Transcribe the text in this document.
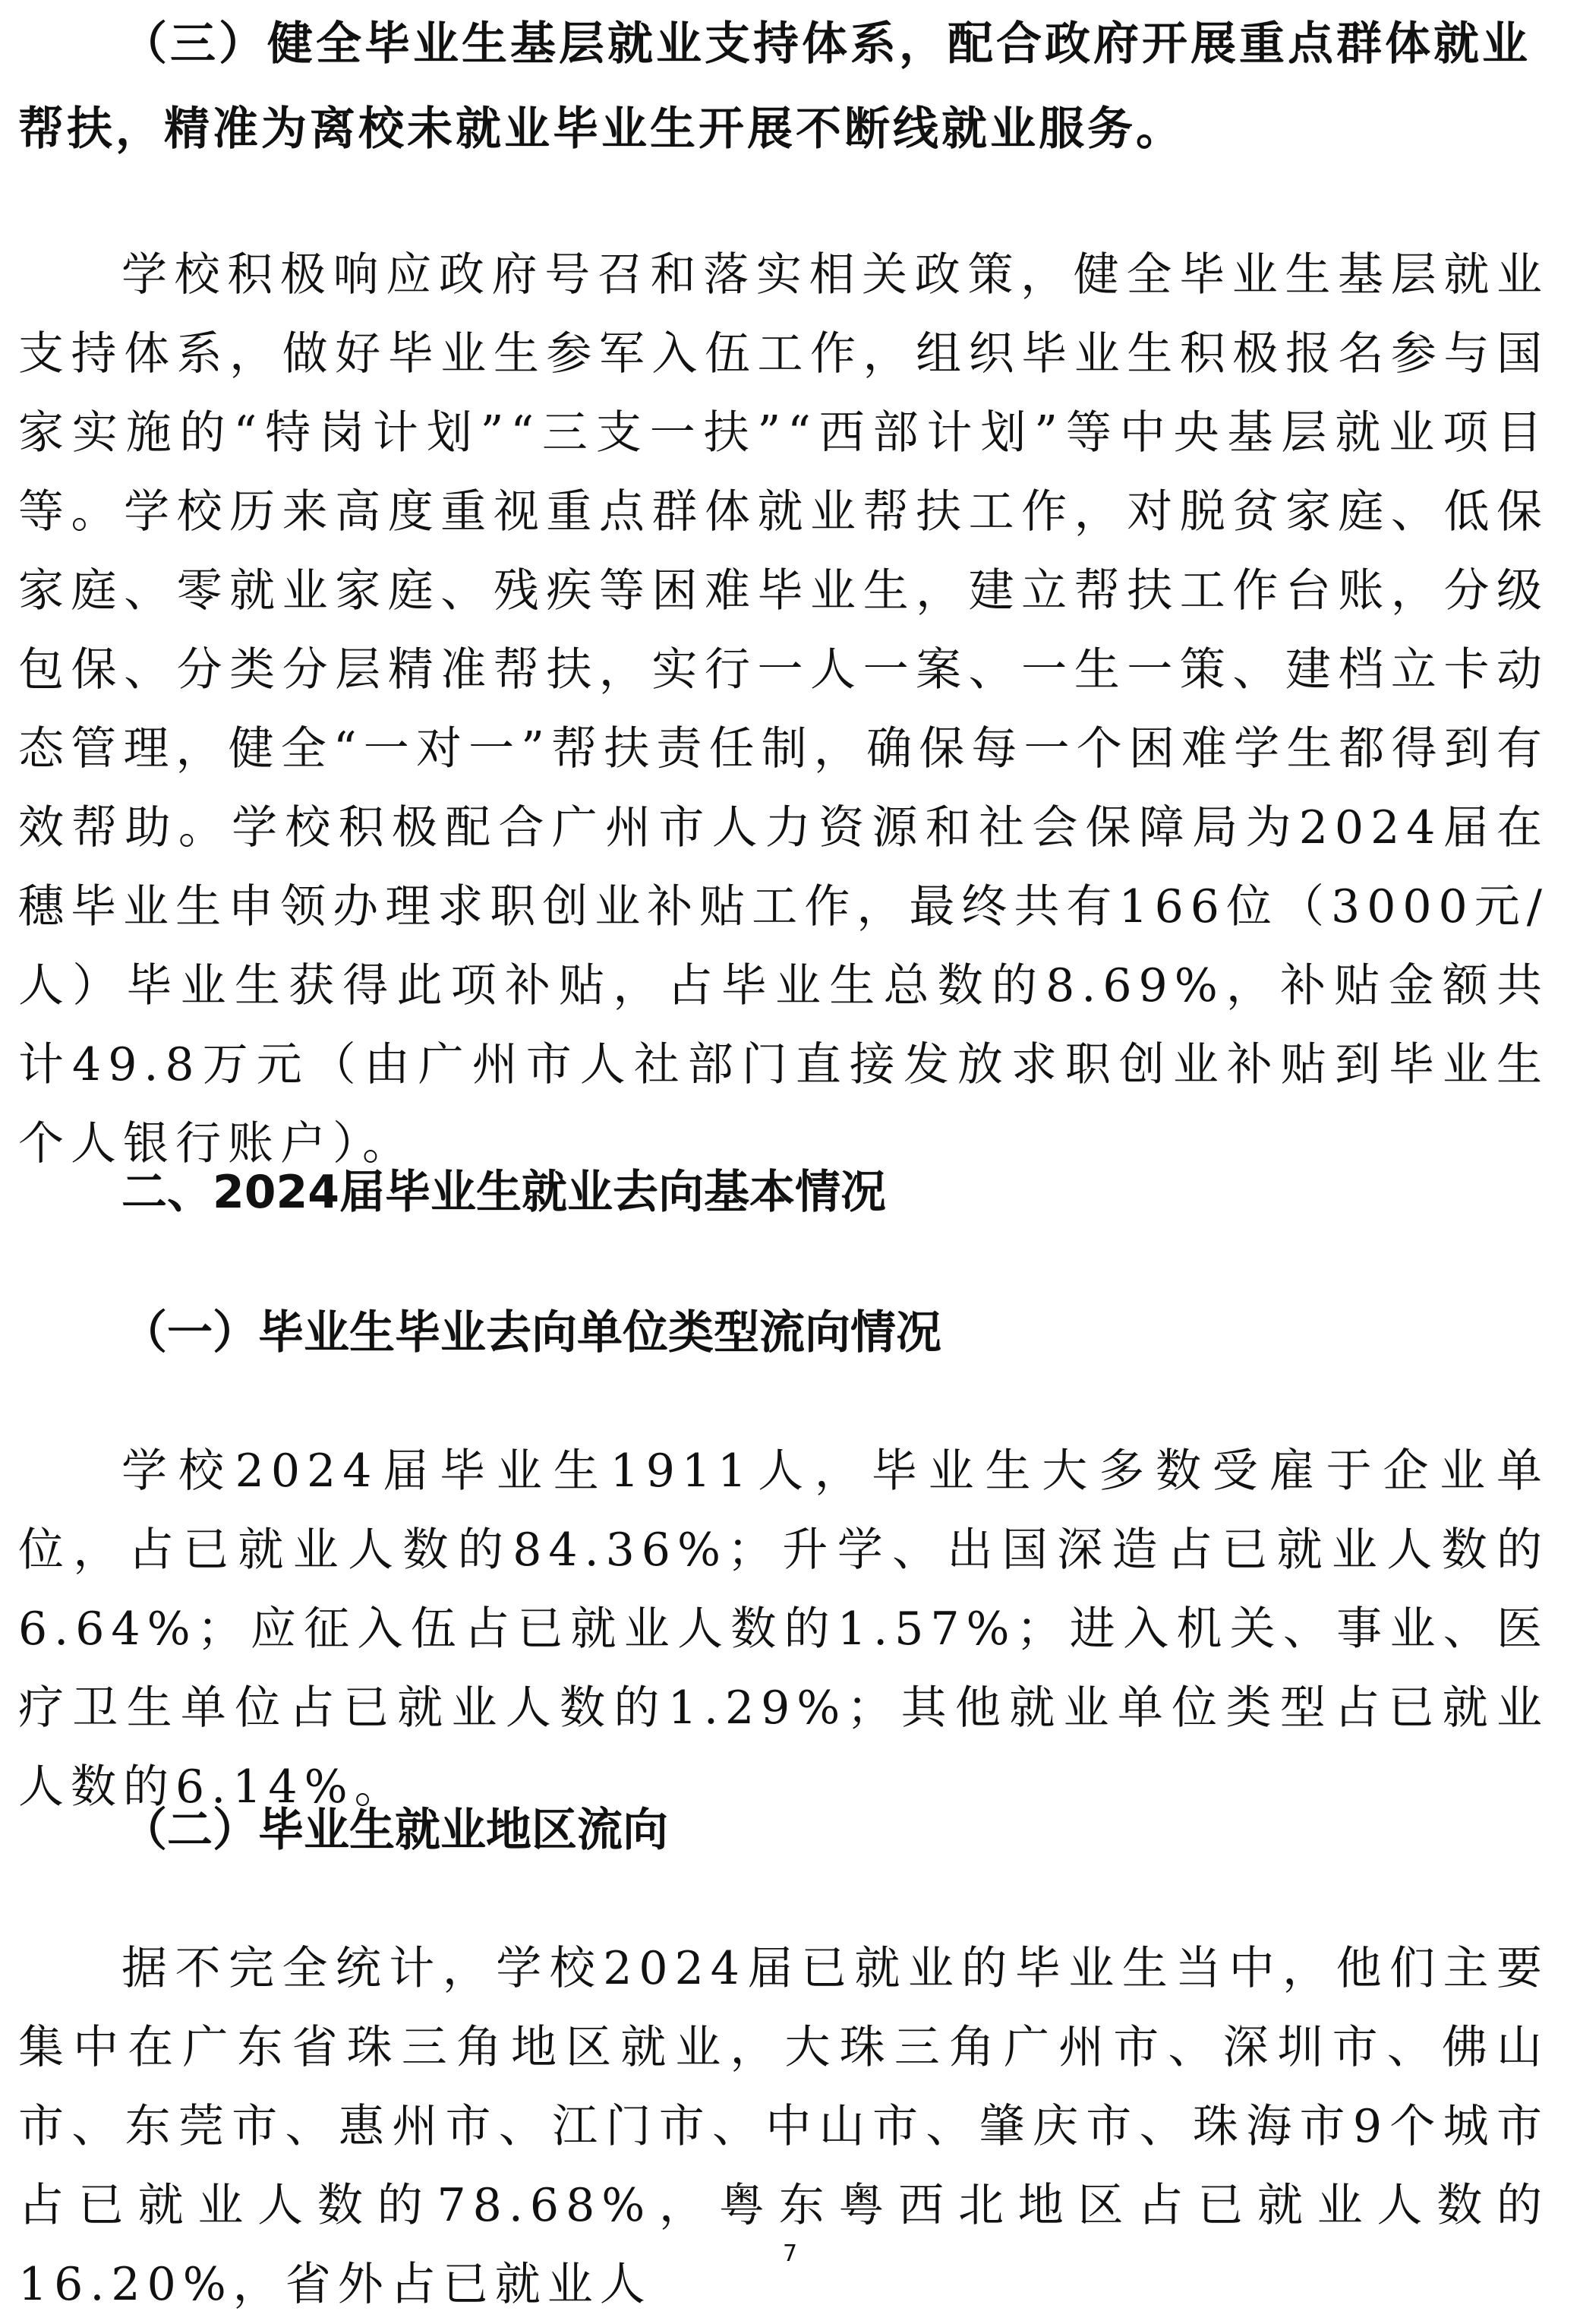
（三）健全毕业生基层就业支持体系，配合政府开展重点群体就业帮扶，精准为离校未就业毕业生开展不断线就业服务。

学校积极响应政府号召和落实相关政策，健全毕业生基层就业支持体系，做好毕业生参军入伍工作，组织毕业生积极报名参与国家实施的“特岗计划”“三支一扶”“西部计划”等中央基层就业项目等。学校历来高度重视重点群体就业帮扶工作，对脱贫家庭、低保家庭、零就业家庭、残疾等困难毕业生，建立帮扶工作台账，分级包保、分类分层精准帮扶，实行一人一案、一生一策、建档立卡动态管理，健全“一对一”帮扶责任制，确保每一个困难学生都得到有效帮助。学校积极配合广州市人力资源和社会保障局为2024届在穗毕业生申领办理求职创业补贴工作，最终共有166位（3000元/人）毕业生获得此项补贴，占毕业生总数的8.69%，补贴金额共计49.8万元（由广州市人社部门直接发放求职创业补贴到毕业生个人银行账户）。

二、2024届毕业生就业去向基本情况
（一）毕业生毕业去向单位类型流向情况

学校2024届毕业生1911人，毕业生大多数受雇于企业单位，占已就业人数的84.36%；升学、出国深造占已就业人数的6.64%；应征入伍占已就业人数的1.57%；进入机关、事业、医疗卫生单位占已就业人数的1.29%；其他就业单位类型占已就业人数的6.14%。

（二）毕业生就业地区流向

据不完全统计，学校2024届已就业的毕业生当中，他们主要集中在广东省珠三角地区就业，大珠三角广州市、深圳市、佛山市、东莞市、惠州市、江门市、中山市、肇庆市、珠海市9个城市占已就业人数的78.68%，粤东粤西北地区占已就业人数的16.20%，省外占已就业人

7
